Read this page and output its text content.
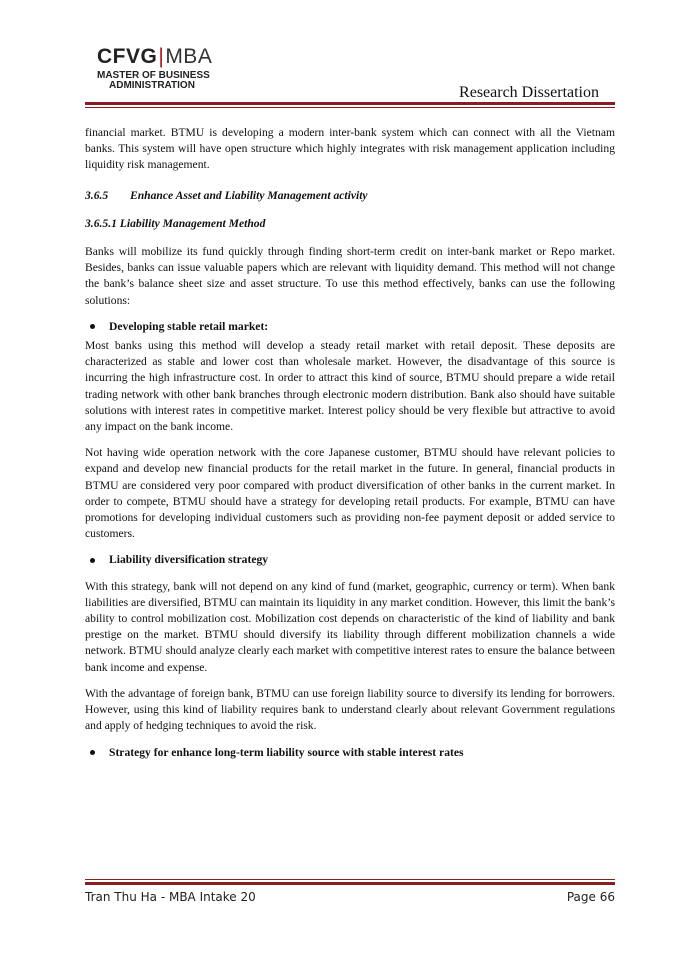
CFVG|MBA
MASTER OF BUSINESS
ADMINISTRATION	Research Dissertation

financial market. BTMU is developing a modern inter-bank system which can connect with all the Vietnam banks. This system will have open structure which highly integrates with risk management application including liquidity risk management.

3.6.5 Enhance Asset and Liability Management activity
3.6.5.1 Liability Management Method

Banks will mobilize its fund quickly through finding short-term credit on inter-bank market or Repo market. Besides, banks can issue valuable papers which are relevant with liquidity demand. This method will not change the bank’s balance sheet size and asset structure. To use this method effectively, banks can use the following solutions:

Developing stable retail market:

Most banks using this method will develop a steady retail market with retail deposit. These deposits are characterized as stable and lower cost than wholesale market. However, the disadvantage of this source is incurring the high infrastructure cost. In order to attract this kind of source, BTMU should prepare a wide retail trading network with other bank branches through electronic modern distribution. Bank also should have suitable solutions with interest rates in competitive market. Interest policy should be very flexible but attractive to avoid any impact on the bank income.

Not having wide operation network with the core Japanese customer, BTMU should have relevant policies to expand and develop new financial products for the retail market in the future. In general, financial products in BTMU are considered very poor compared with product diversification of other banks in the current market. In order to compete, BTMU should have a strategy for developing retail products. For example, BTMU can have promotions for developing individual customers such as providing non-fee payment deposit or added service to customers.

Liability diversification strategy

With this strategy, bank will not depend on any kind of fund (market, geographic, currency or term). When bank liabilities are diversified, BTMU can maintain its liquidity in any market condition. However, this limit the bank’s ability to control mobilization cost. Mobilization cost depends on characteristic of the kind of liability and bank prestige on the market. BTMU should diversify its liability through different mobilization channels a wide network. BTMU should analyze clearly each market with competitive interest rates to ensure the balance between bank income and expense.

With the advantage of foreign bank, BTMU can use foreign liability source to diversify its lending for borrowers. However, using this kind of liability requires bank to understand clearly about relevant Government regulations and apply of hedging techniques to avoid the risk.

Strategy for enhance long-term liability source with stable interest rates
Tran Thu Ha - MBA Intake 20	Page 66
